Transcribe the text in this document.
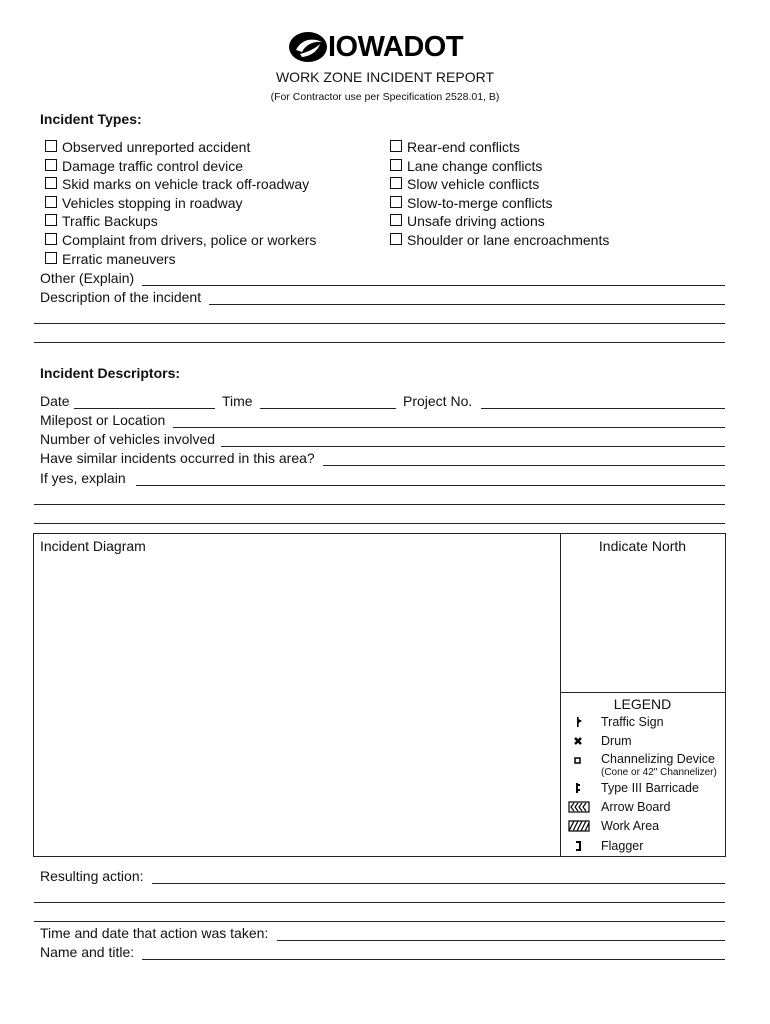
IOWADOT
WORK ZONE INCIDENT REPORT
(For Contractor use per Specification 2528.01, B)
Incident Types:
Observed unreported accident
Damage traffic control device
Skid marks on vehicle track off-roadway
Vehicles stopping in roadway
Traffic Backups
Complaint from drivers, police or workers
Erratic maneuvers
Rear-end conflicts
Lane change conflicts
Slow vehicle conflicts
Slow-to-merge conflicts
Unsafe driving actions
Shoulder or lane encroachments
Other (Explain)
Description of the incident
Incident Descriptors:
Date	Time	Project No.
Milepost or Location
Number of vehicles involved
Have similar incidents occurred in this area?
If yes, explain
Incident Diagram	Indicate North
LEGEND
Traffic Sign
Drum
Channelizing Device
(Cone or 42" Channelizer)
Type III Barricade
Arrow Board
Work Area
Flagger
Resulting action:
Time and date that action was taken:
Name and title:
